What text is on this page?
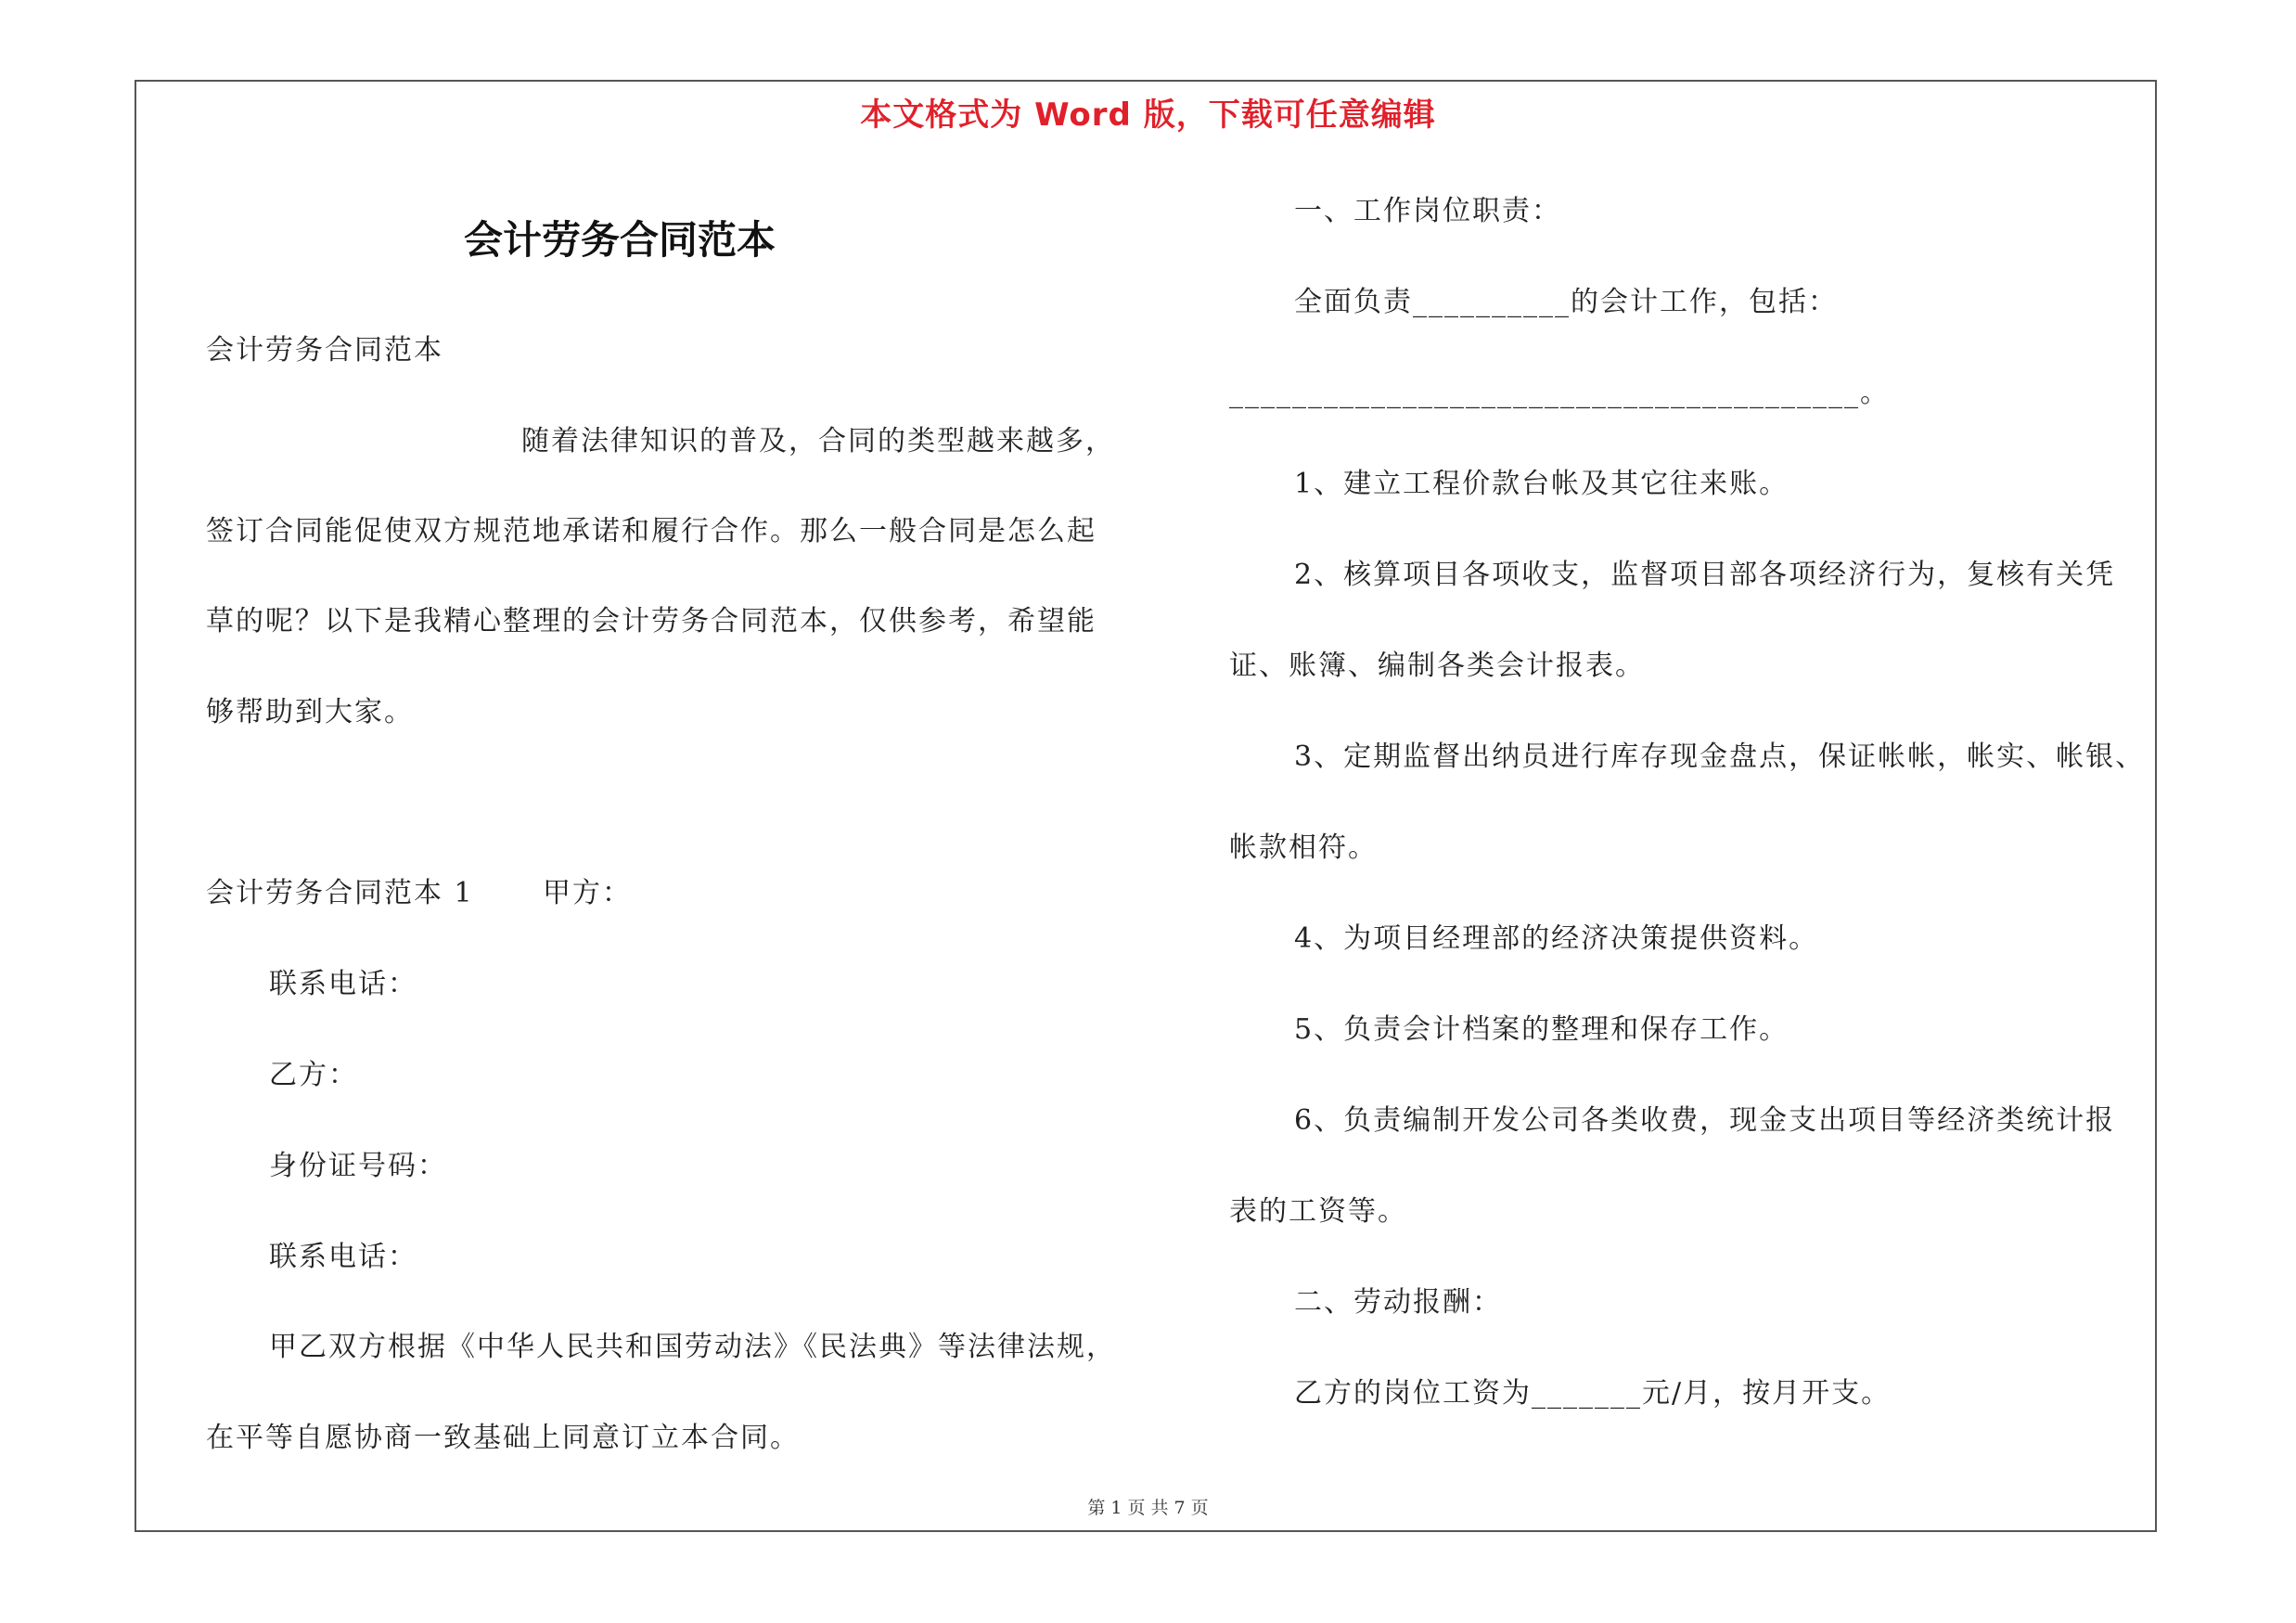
本文格式为 Word 版，下载可任意编辑
会计劳务合同范本
会计劳务合同范本
随着法律知识的普及，合同的类型越来越多，
签订合同能促使双方规范地承诺和履行合作。那么一般合同是怎么起
草的呢？以下是我精心整理的会计劳务合同范本，仅供参考，希望能
够帮助到大家。
会计劳务合同范本 1 甲方：
联系电话：
乙方：
身份证号码：
联系电话：
甲乙双方根据《中华人民共和国劳动法》《民法典》等法律法规，
在平等自愿协商一致基础上同意订立本合同。
一、工作岗位职责：
全面负责__________的会计工作，包括：
________________________________________。
1、建立工程价款台帐及其它往来账。
2、核算项目各项收支，监督项目部各项经济行为，复核有关凭
证、账簿、编制各类会计报表。
3、定期监督出纳员进行库存现金盘点，保证帐帐，帐实、帐银、
帐款相符。
4、为项目经理部的经济决策提供资料。
5、负责会计档案的整理和保存工作。
6、负责编制开发公司各类收费，现金支出项目等经济类统计报
表的工资等。
二、劳动报酬：
乙方的岗位工资为_______元/月，按月开支。
第 1 页 共 7 页
